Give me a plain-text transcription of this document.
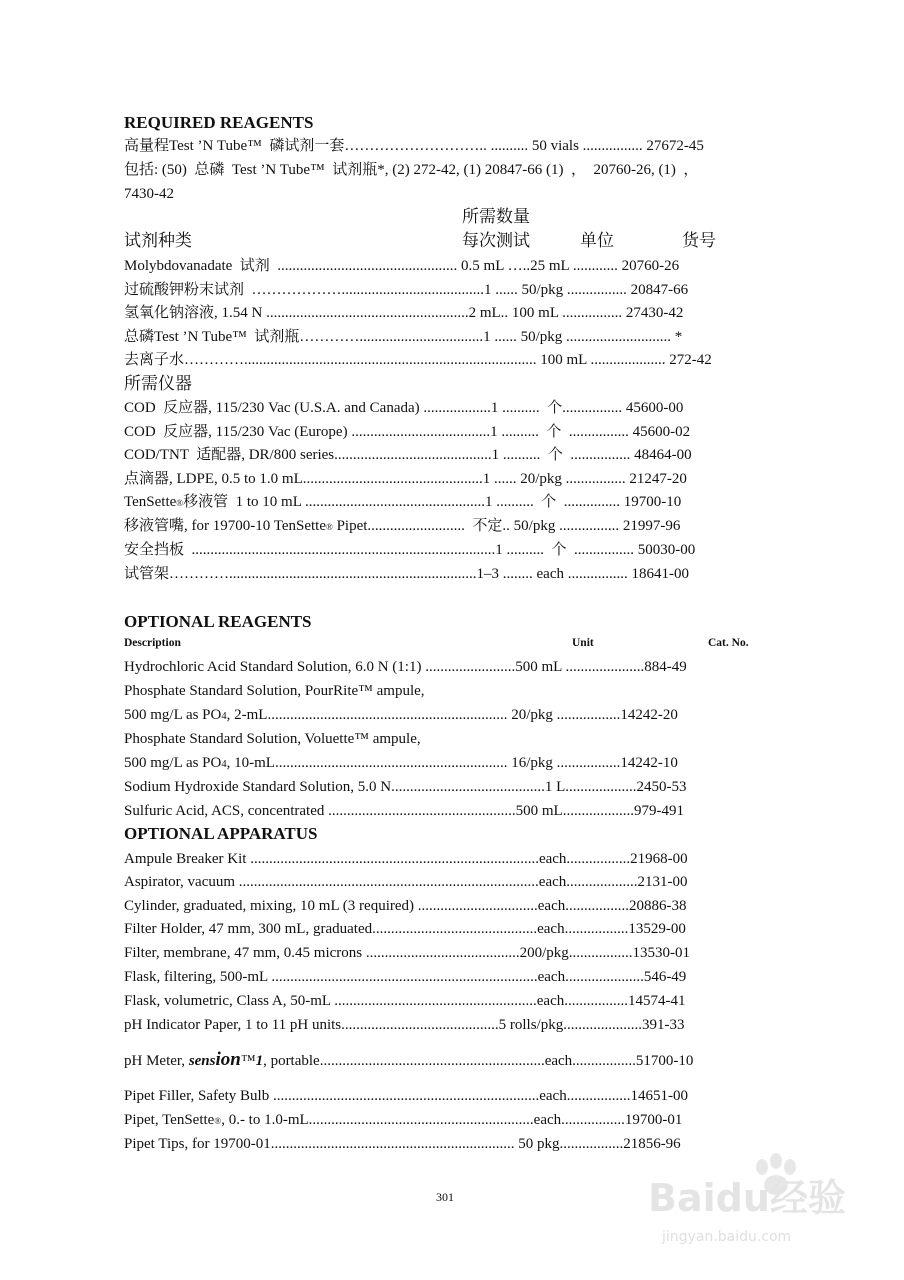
REQUIRED REAGENTS
高量程Test ’N Tube™  磷试剂一套……………………….. .......... 50 vials ................ 27672-45
包括: (50)  总磷  Test ’N Tube™  试剂瓶*, (2) 272-42, (1) 20847-66 (1)  ，  20760-26, (1)  ，
7430-42
所需数量
试剂种类	每次测试	单位	货号
Molybdovanadate  试剂  ................................................ 0.5 mL …..25 mL ............ 20760-26
过硫酸钾粉末试剂  ………………......................................1 ...... 50/pkg ................ 20847-66
氢氧化钠溶液, 1.54 N ......................................................2 mL.. 100 mL ................ 27430-42
总磷Test ’N Tube™  试剂瓶………….................................1 ...... 50/pkg ............................ *
去离子水………….............................................................................. 100 mL .................... 272-42
所需仪器
COD  反应器, 115/230 Vac (U.S.A. and Canada) ..................1 ..........  个................ 45600-00
COD  反应器, 115/230 Vac (Europe) .....................................1 ..........  个  ................ 45600-02
COD/TNT  适配器, DR/800 series..........................................1 ..........  个  ................ 48464-00
点滴器, LDPE, 0.5 to 1.0 mL................................................1 ...... 20/pkg ................ 21247-20
TenSette®移液管  1 to 10 mL ................................................1 ..........  个  ............... 19700-10
移液管嘴, for 19700-10 TenSette® Pipet..........................  不定.. 50/pkg ................ 21997-96
安全挡板  .................................................................................1 ..........  个  ................ 50030-00
试管架…………..................................................................1–3 ........ each ................ 18641-00
OPTIONAL REAGENTS
Description	Unit	Cat. No.
Hydrochloric Acid Standard Solution, 6.0 N (1:1) ........................500 mL .....................884-49
Phosphate Standard Solution, PourRite™ ampule,
500 mg/L as PO4, 2-mL................................................................ 20/pkg .................14242-20
Phosphate Standard Solution, Voluette™ ampule,
500 mg/L as PO4, 10-mL.............................................................. 16/pkg .................14242-10
Sodium Hydroxide Standard Solution, 5.0 N.........................................1 L...................2450-53
Sulfuric Acid, ACS, concentrated ..................................................500 mL...................979-491
OPTIONAL APPARATUS
Ampule Breaker Kit .............................................................................each.................21968-00
Aspirator, vacuum ................................................................................each...................2131-00
Cylinder, graduated, mixing, 10 mL (3 required) ................................each.................20886-38
Filter Holder, 47 mm, 300 mL, graduated............................................each.................13529-00
Filter, membrane, 47 mm, 0.45 microns .........................................200/pkg.................13530-01
Flask, filtering, 500-mL .......................................................................each.....................546-49
Flask, volumetric, Class A, 50-mL ......................................................each.................14574-41
pH Indicator Paper, 1 to 11 pH units..........................................5 rolls/pkg.....................391-33
pH Meter, sension™1, portable............................................................each.................51700-10
Pipet Filler, Safety Bulb .......................................................................each.................14651-00
Pipet, TenSette®, 0.- to 1.0-mL............................................................each.................19700-01
Pipet Tips, for 19700-01................................................................. 50 pkg.................21856-96
301	Baidu经验
jingyan.baidu.com
